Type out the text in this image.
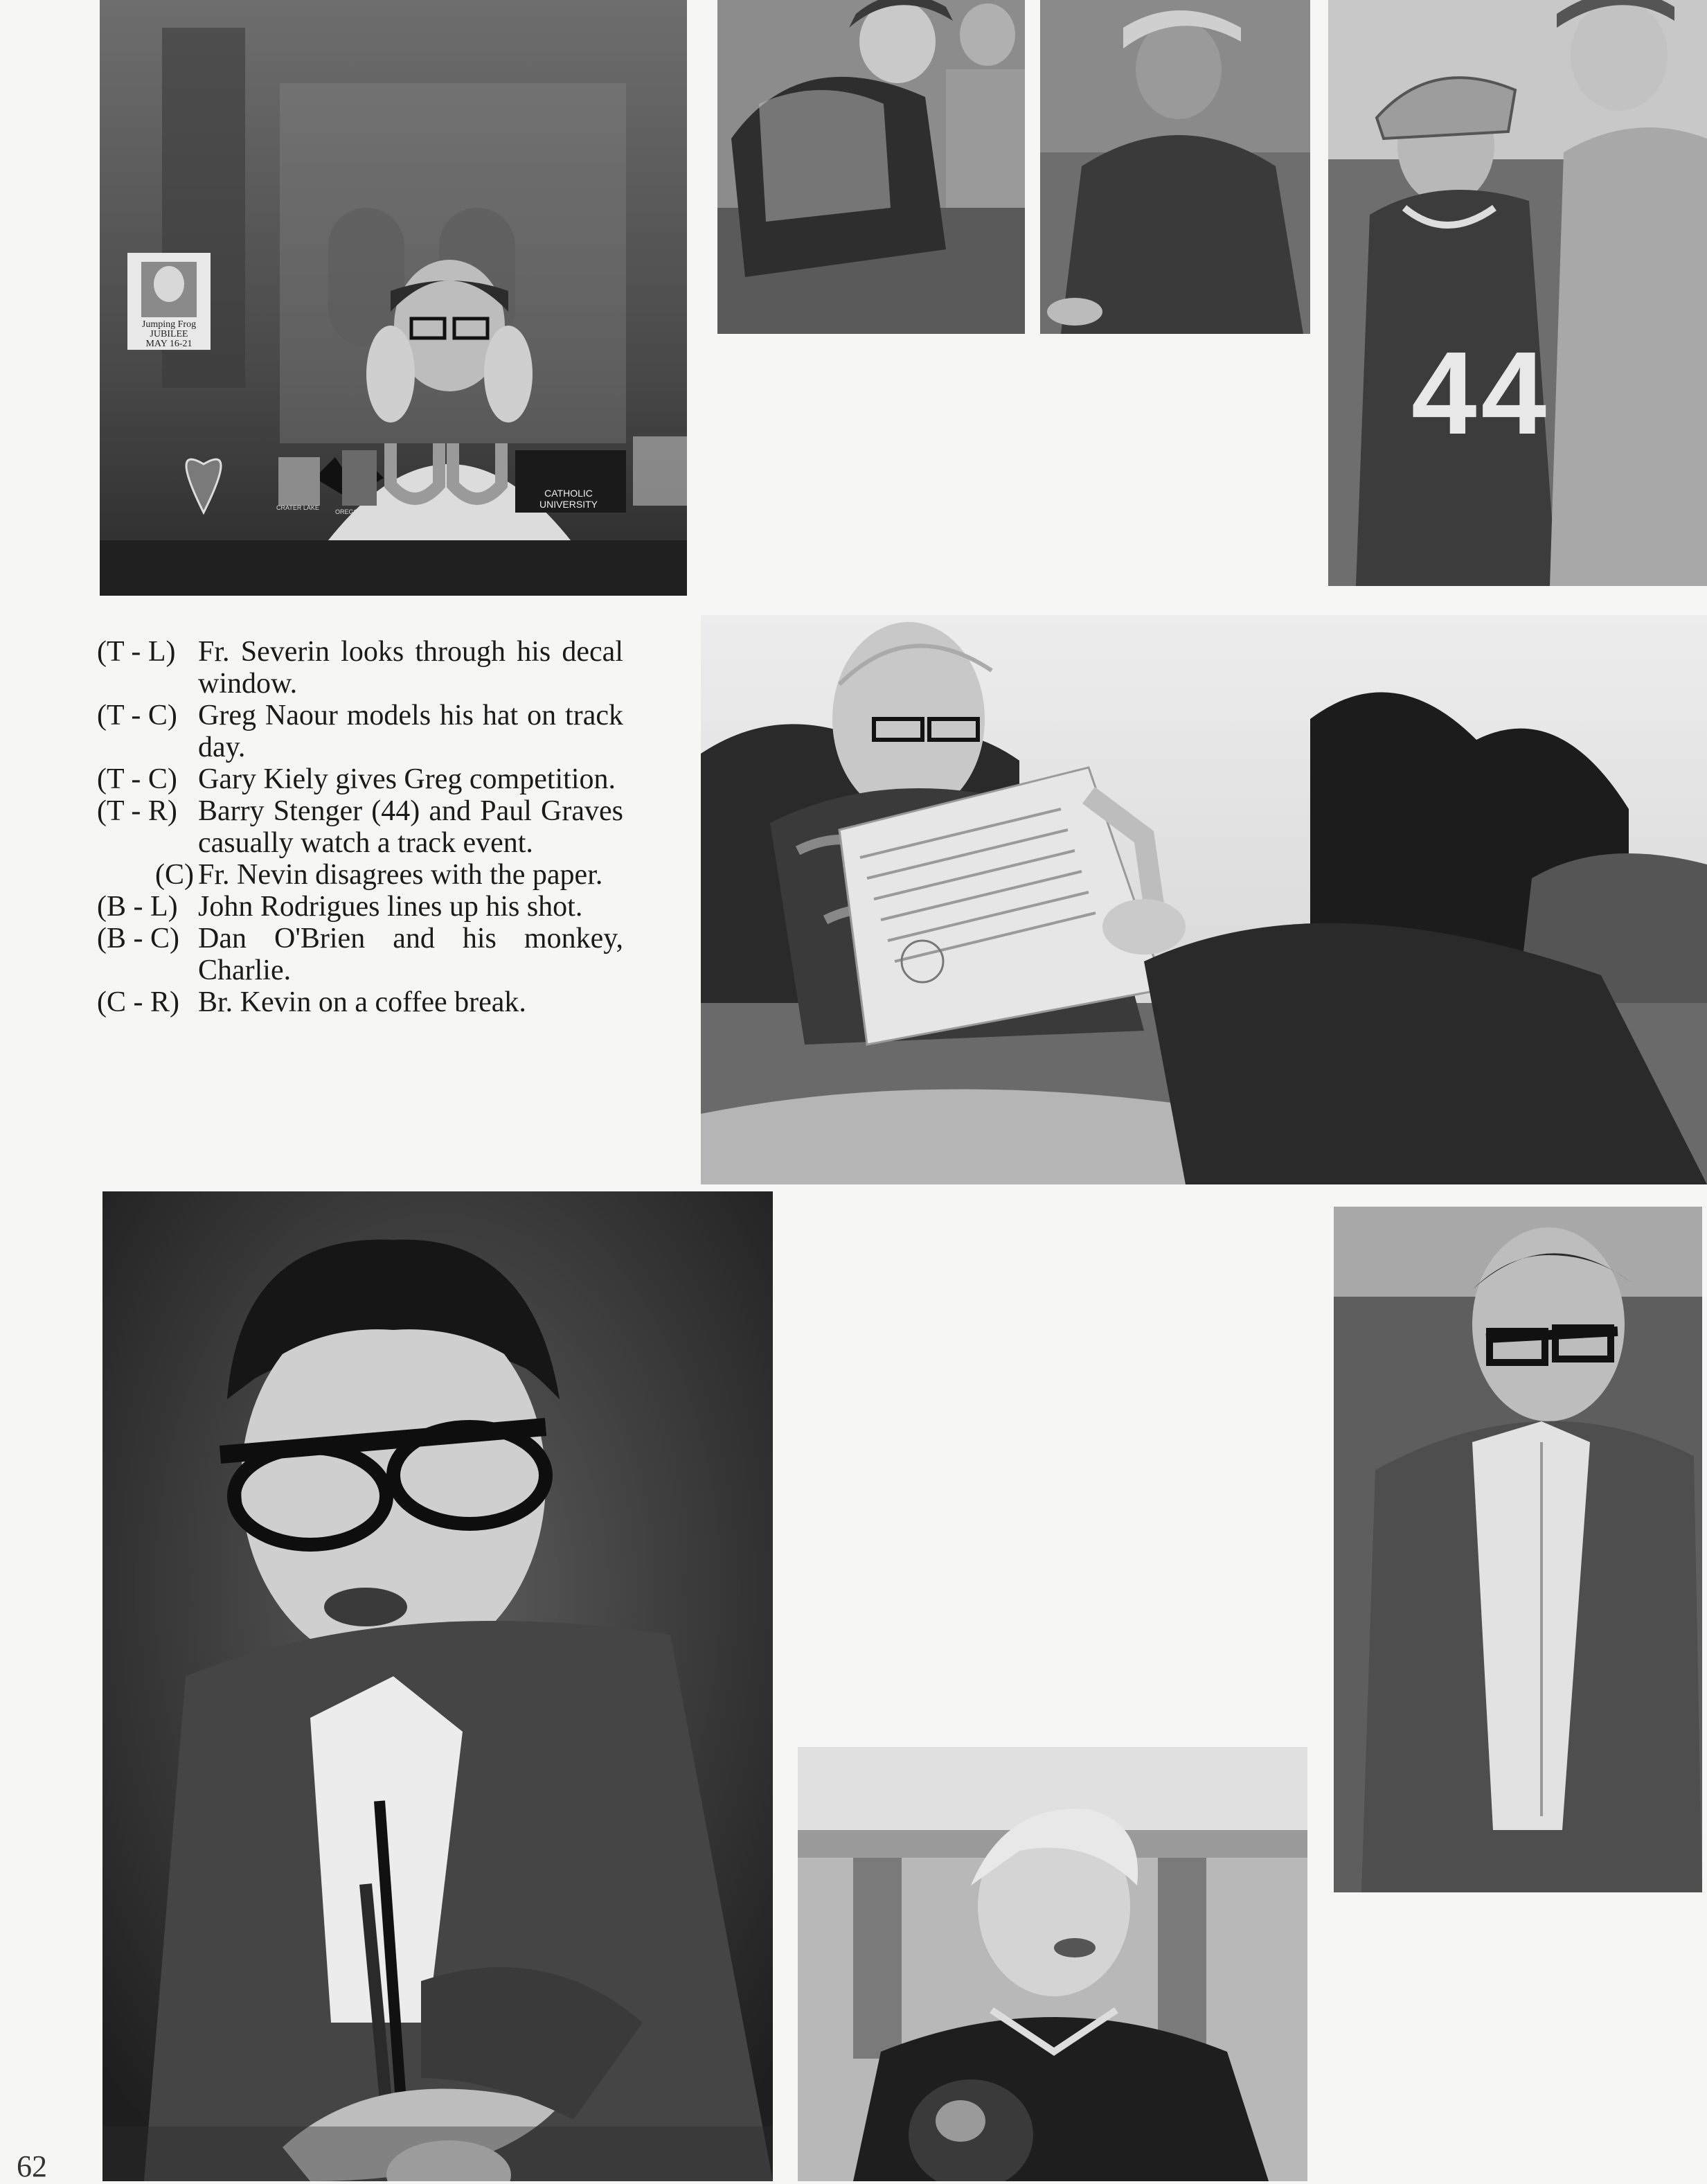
Jumping Frog
JUBILEE
MAY 16-21
CRATER LAKE
OREGON CAVES
CATHOLIC UNIVERSITY
44
(T - L) Fr. Severin looks through his decal window.
(T - C) Greg Naour models his hat on track day.
(T - C) Gary Kiely gives Greg competition.
(T - R) Barry Stenger (44) and Paul Graves casually watch a track event.
(C) Fr. Nevin disagrees with the paper.
(B - L) John Rodrigues lines up his shot.
(B - C) Dan O'Brien and his monkey, Charlie.
(C - R) Br. Kevin on a coffee break.
62
